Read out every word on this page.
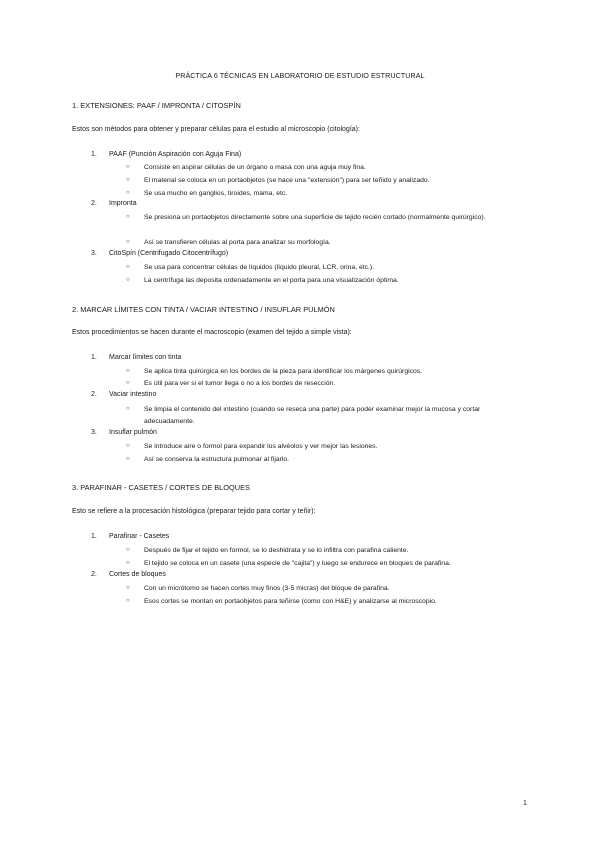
PRÁCTICA 6 TÉCNICAS EN LABORATORIO DE ESTUDIO ESTRUCTURAL
1. EXTENSIONES: PAAF / IMPRONTA / CITOSPÍN
Estos son métodos para obtener y preparar células para el estudio al microscopio (citología):
1. PAAF (Punción Aspiración con Aguja Fina)
○	Consiste en aspirar células de un órgano o masa con una aguja muy fina.
○	El material se coloca en un portaobjetos (se hace una "extensión") para ser teñido y analizado.
○	Se usa mucho en ganglios, tiroides, mama, etc.
2. Impronta
○	Se presiona un portaobjetos directamente sobre una superficie de tejido recién cortado (normalmente quirúrgico).
○	Así se transfieren células al porta para analizar su morfología.
3. CitoSpín (Centrifugado Citocentrífugo)
○	Se usa para concentrar células de líquidos (líquido pleural, LCR, orina, etc.).
○	La centrífuga las deposita ordenadamente en el porta para una visualización óptima.
2. MARCAR LÍMITES CON TINTA / VACIAR INTESTINO / INSUFLAR PULMÓN
Estos procedimientos se hacen durante el macroscopio (examen del tejido a simple vista):
1. Marcar límites con tinta
○	Se aplica tinta quirúrgica en los bordes de la pieza para identificar los márgenes quirúrgicos.
○	Es útil para ver si el tumor llega o no a los bordes de resección.
2. Vaciar intestino
○	Se limpia el contenido del intestino (cuando se reseca una parte) para poder examinar mejor la mucosa y cortar adecuadamente.
3. Insuflar pulmón
○	Se introduce aire o formol para expandir los alvéolos y ver mejor las lesiones.
○	Así se conserva la estructura pulmonar al fijarlo.
3. PARAFINAR - CASETES / CORTES DE BLOQUES
Esto se refiere a la procesación histológica (preparar tejido para cortar y teñir):
1. Parafinar - Casetes
○	Después de fijar el tejido en formol, se lo deshidrata y se lo infiltra con parafina caliente.
○	El tejido se coloca en un casete (una especie de "cajita") y luego se endurece en bloques de parafina.
2. Cortes de bloques
○	Con un micrótomo se hacen cortes muy finos (3-5 micras) del bloque de parafina.
○	Esos cortes se montan en portaobjetos para teñirse (como con H&E) y analizarse al microscopio.
1
